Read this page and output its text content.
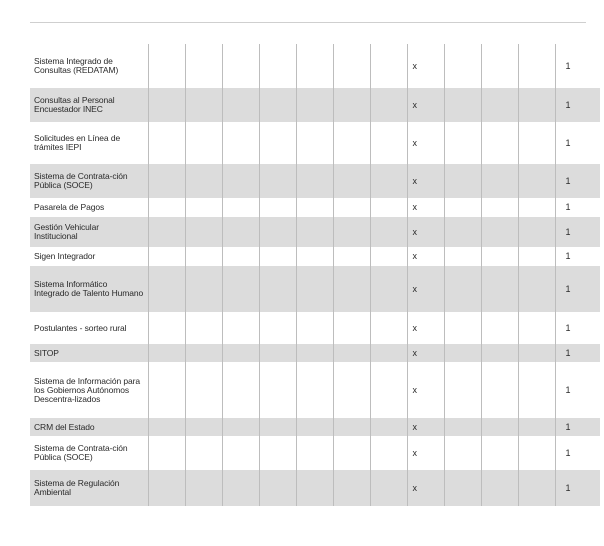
Sistema Integrado de Consultas (REDATAM)								x				1

Consultas al Personal Encuestador INEC								x				1

Solicitudes en Línea de trámites IEPI								x				1

Sistema de Contrata-ción Pública (SOCE)								x				1

Pasarela de Pagos								x				1

Gestión Vehicular Institucional								x				1

Sigen Integrador								x				1

Sistema Informático Integrado de Talento Humano								x				1

Postulantes - sorteo rural								x				1

SITOP								x				1

Sistema de Información para los Gobiernos Autónomos Descentra-lizados								x				1

CRM del Estado								x				1

Sistema de Contrata-ción Pública (SOCE)								x				1

Sistema de Regulación Ambiental								x				1
